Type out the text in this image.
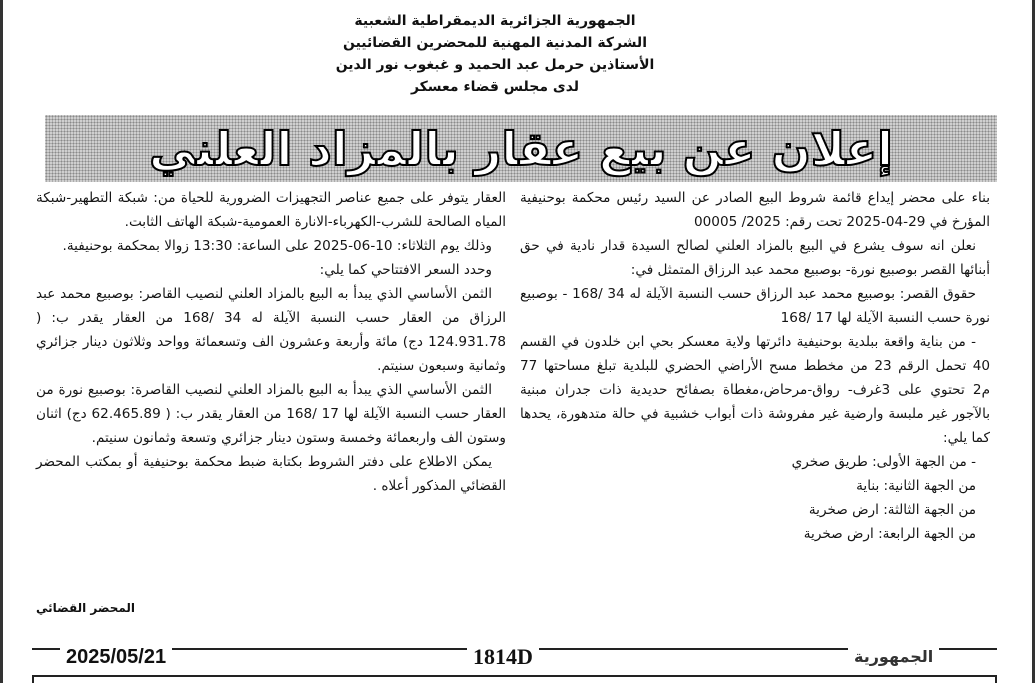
الجمهورية الجزائرية الديمقراطية الشعبية
الشركة المدنية المهنية للمحضرين القضائيين
الأستاذين حرمل عبد الحميد و غبغوب نور الدين
لدى مجلس قضاء معسكر
إعلان عن بيع عقار بالمزاد العلني

بناء على محضر إيداع قائمة شروط البيع الصادر عن السيد رئيس محكمة بوحنيفية المؤرخ في 29-04-2025 تحت رقم: 2025/ 00005

نعلن انه سوف يشرع في البيع بالمزاد العلني لصالح السيدة قدار نادية في حق أبنائها القصر بوصبيع نورة- بوصبيع محمد عبد الرزاق المتمثل في:

حقوق القصر: بوصبيع محمد عبد الرزاق حسب النسبة الآيلة له 34 /168 - بوصبيع نورة حسب النسبة الآيلة لها 17 /168

- من بناية واقعة ببلدية بوحنيفية دائرتها ولاية معسكر بحي ابن خلدون في القسم 40 تحمل الرقم 23 من مخطط مسح الأراضي الحضري للبلدية تبلغ مساحتها 77 م2 تحتوي على 3غرف- رواق-مرحاض،مغطاة بصفائح حديدية ذات جدران مبنية بالآجور غير ملبسة وارضية غير مفروشة ذات أبواب خشبية في حالة متدهورة، يحدها كما يلي:

- من الجهة الأولى: طريق صخري

من الجهة الثانية: بناية

من الجهة الثالثة: ارض صخرية

من الجهة الرابعة: ارض صخرية

العقار يتوفر على جميع عناصر التجهيزات الضرورية للحياة من: شبكة التطهير-شبكة المياه الصالحة للشرب-الكهرباء-الانارة العمومية-شبكة الهاتف الثابت.

وذلك يوم الثلاثاء: 10-06-2025 على الساعة: 13:30 زوالا بمحكمة بوحنيفية.

وحدد السعر الافتتاحي كما يلي:

الثمن الأساسي الذي يبدأ به البيع بالمزاد العلني لنصيب القاصر: بوصبيع محمد عبد الرزاق من العقار حسب النسبة الآيلة له 34 /168 من العقار يقدر ب: ( 124.931.78 دج) مائة وأربعة وعشرون الف وتسعمائة وواحد وثلاثون دينار جزائري وثمانية وسبعون سنيتم.

الثمن الأساسي الذي يبدأ به البيع بالمزاد العلني لنصيب القاصرة: بوصبيع نورة من العقار حسب النسبة الآيلة لها 17 /168 من العقار يقدر ب: ( 62.465.89 دج) اثنان وستون الف واربعمائة وخمسة وستون دينار جزائري وتسعة وثمانون سنيتم.

يمكن الاطلاع على دفتر الشروط بكتابة ضبط محكمة بوحنيفية أو بمكتب المحضر القضائي المذكور أعلاه .

المحضر القضائي
2025/05/21	1814D	الجمهورية
